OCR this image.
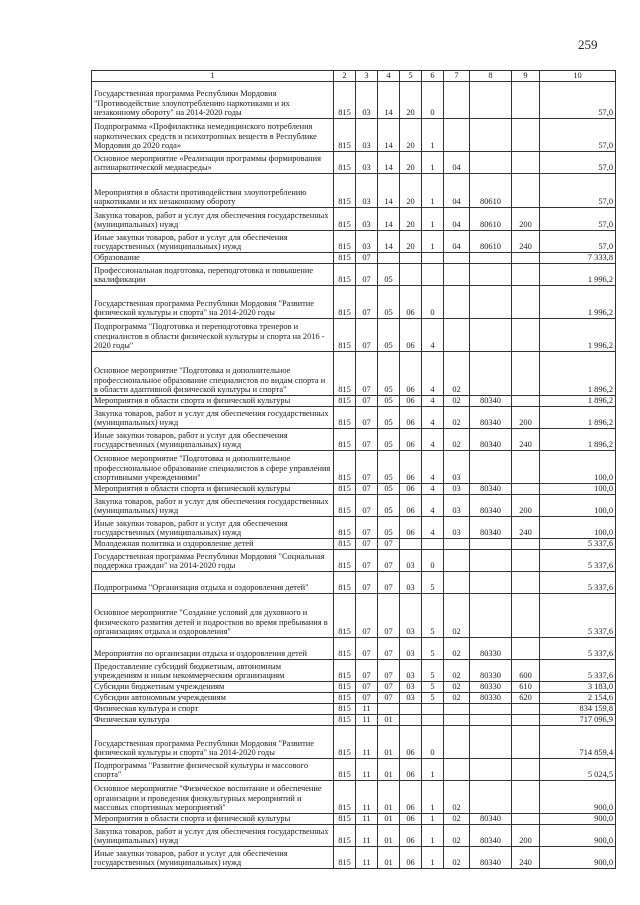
259
1	2	3	4	5	6	7	8	9	10
Государственная программа Республики Мордовия "Противодействие злоупотреблению наркотиками и их незаконному обороту" на 2014-2020 годы	815	03	14	20	0				57,0
Подпрограмма «Профилактика немедицинского потребления наркотических средств и психотропных веществ в Республике Мордовия до 2020 года»	815	03	14	20	1				57,0
Основное мероприятие «Реализация программы формирования антинаркотической медиасреды»	815	03	14	20	1	04			57,0
Мероприятия в области противодействия злоупотреблению наркотиками и их незаконному обороту	815	03	14	20	1	04	80610		57,0
Закупка товаров, работ и услуг для обеспечения государственных (муниципальных) нужд	815	03	14	20	1	04	80610	200	57,0
Иные закупки товаров, работ и услуг для обеспечения государственных (муниципальных) нужд	815	03	14	20	1	04	80610	240	57,0
Образование	815	07							7 333,8
Профессиональная подготовка, переподготовка и повышение квалификации	815	07	05						1 996,2
Государственная программа Республики Мордовия "Развитие физической культуры и спорта" на 2014-2020 годы	815	07	05	06	0				1 996,2
Подпрограмма "Подготовка и переподготовка тренеров и специалистов в области физической культуры и спорта на 2016 - 2020 годы"	815	07	05	06	4				1 996,2
Основное мероприятие "Подготовка и дополнительное профессиональное образование специалистов по видам спорта и в области адаптивной физической культуры и спорта"	815	07	05	06	4	02			1 896,2
Мероприятия в области спорта и физической культуры	815	07	05	06	4	02	80340		1 896,2
Закупка товаров, работ и услуг для обеспечения государственных (муниципальных) нужд	815	07	05	06	4	02	80340	200	1 896,2
Иные закупки товаров, работ и услуг для обеспечения государственных (муниципальных) нужд	815	07	05	06	4	02	80340	240	1 896,2
Основное мероприятие "Подготовка и дополнительное профессиональное образование специалистов в сфере управления спортивными учреждениями"	815	07	05	06	4	03			100,0
Мероприятия в области спорта и физической культуры	815	07	05	06	4	03	80340		100,0
Закупка товаров, работ и услуг для обеспечения государственных (муниципальных) нужд	815	07	05	06	4	03	80340	200	100,0
Иные закупки товаров, работ и услуг для обеспечения государственных (муниципальных) нужд	815	07	05	06	4	03	80340	240	100,0
Молодежная политика и оздоровление детей	815	07	07						5 337,6
Государственная программа Республики Мордовия "Социальная поддержка граждан" на 2014-2020 годы	815	07	07	03	0				5 337,6
Подпрограмма "Организация отдыха и оздоровления детей"	815	07	07	03	5				5 337,6
Основное мероприятие "Создание условий для духовного и физического развития детей и подростков во время пребывания в организациях отдыха и оздоровления"	815	07	07	03	5	02			5 337,6
Мероприятия по организации отдыха и оздоровления детей	815	07	07	03	5	02	80330		5 337,6
Предоставление субсидий бюджетным, автономным учреждениям и иным некоммерческим организациям	815	07	07	03	5	02	80330	600	5 337,6
Субсидии бюджетным учреждениям	815	07	07	03	5	02	80330	610	3 183,0
Субсидии автономным учреждениям	815	07	07	03	5	02	80330	620	2 154,6
Физическая культура и спорт	815	11							834 159,8
Физическая культура	815	11	01						717 096,9
Государственная программа Республики Мордовия "Развитие физической культуры и спорта" на 2014-2020 годы	815	11	01	06	0				714 859,4
Подпрограмма "Развитие физической культуры и массового спорта"	815	11	01	06	1				5 024,5
Основное мероприятие "Физическое воспитание и обеспечение организации и проведения физкультурных мероприятий и массовых спортивных мероприятий"	815	11	01	06	1	02			900,0
Мероприятия в области спорта и физической культуры	815	11	01	06	1	02	80340		900,0
Закупка товаров, работ и услуг для обеспечения государственных (муниципальных) нужд	815	11	01	06	1	02	80340	200	900,0
Иные закупки товаров, работ и услуг для обеспечения государственных (муниципальных) нужд	815	11	01	06	1	02	80340	240	900,0
